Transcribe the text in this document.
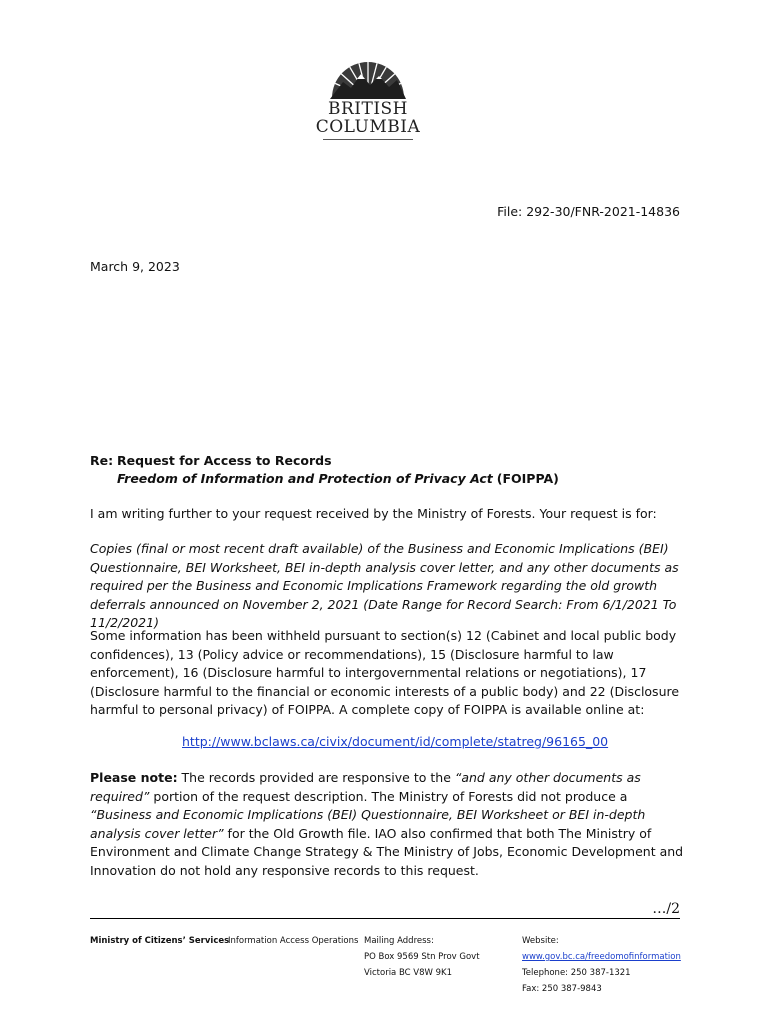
BRITISH
COLUMBIA
File: 292-30/FNR-2021-14836
March 9, 2023
Re: Request for Access to Records
Freedom of Information and Protection of Privacy Act (FOIPPA)
I am writing further to your request received by the Ministry of Forests. Your request is for:
Copies (final or most recent draft available) of the Business and Economic Implications (BEI) Questionnaire, BEI Worksheet, BEI in-depth analysis cover letter, and any other documents as required per the Business and Economic Implications Framework regarding the old growth deferrals announced on November 2, 2021 (Date Range for Record Search: From 6/1/2021 To 11/2/2021)
Some information has been withheld pursuant to section(s) 12 (Cabinet and local public body confidences), 13 (Policy advice or recommendations), 15 (Disclosure harmful to law enforcement), 16 (Disclosure harmful to intergovernmental relations or negotiations), 17 (Disclosure harmful to the financial or economic interests of a public body) and 22 (Disclosure harmful to personal privacy) of FOIPPA. A complete copy of FOIPPA is available online at:
http://www.bclaws.ca/civix/document/id/complete/statreg/96165_00
Please note: The records provided are responsive to the “and any other documents as required” portion of the request description. The Ministry of Forests did not produce a “Business and Economic Implications (BEI) Questionnaire, BEI Worksheet or BEI in-depth analysis cover letter” for the Old Growth file. IAO also confirmed that both The Ministry of Environment and Climate Change Strategy & The Ministry of Jobs, Economic Development and Innovation do not hold any responsive records to this request.
…/2
Ministry of Citizens’ Services
Information Access Operations Mailing Address:
PO Box 9569 Stn Prov Govt
Victoria BC V8W 9K1
Website:
www.gov.bc.ca/freedomofinformation
Telephone: 250 387-1321
Fax: 250 387-9843
